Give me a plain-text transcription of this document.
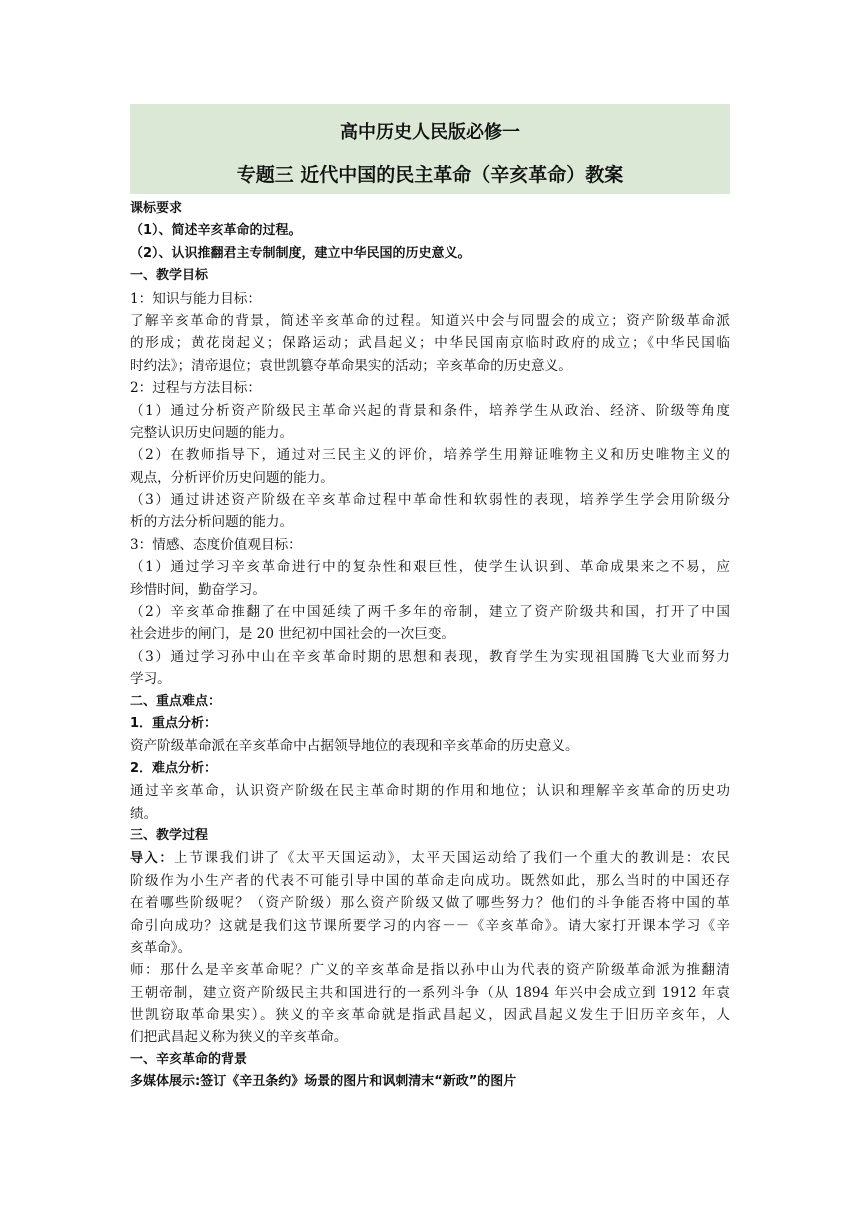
高中历史人民版必修一
专题三 近代中国的民主革命（辛亥革命）教案
课标要求
（1）、简述辛亥革命的过程。
（2）、认识推翻君主专制制度，建立中华民国的历史意义。
一、教学目标
1：知识与能力目标：
了解辛亥革命的背景，简述辛亥革命的过程。知道兴中会与同盟会的成立；资产阶级革命派
的形成；黄花岗起义；保路运动；武昌起义；中华民国南京临时政府的成立；《中华民国临
时约法》；清帝退位；袁世凯篡夺革命果实的活动；辛亥革命的历史意义。
2：过程与方法目标：
（1）通过分析资产阶级民主革命兴起的背景和条件，培养学生从政治、经济、阶级等角度
完整认识历史问题的能力。
（2）在教师指导下，通过对三民主义的评价，培养学生用辩证唯物主义和历史唯物主义的
观点，分析评价历史问题的能力。
（3）通过讲述资产阶级在辛亥革命过程中革命性和软弱性的表现，培养学生学会用阶级分
析的方法分析问题的能力。
3：情感、态度价值观目标：
（1）通过学习辛亥革命进行中的复杂性和艰巨性，使学生认识到、革命成果来之不易，应
珍惜时间，勤奋学习。
（2）辛亥革命推翻了在中国延续了两千多年的帝制，建立了资产阶级共和国，打开了中国
社会进步的闸门，是 20 世纪初中国社会的一次巨变。
（3）通过学习孙中山在辛亥革命时期的思想和表现，教育学生为实现祖国腾飞大业而努力
学习。
二、重点难点：
1．重点分析：
资产阶级革命派在辛亥革命中占据领导地位的表现和辛亥革命的历史意义。
2．难点分析：
通过辛亥革命，认识资产阶级在民主革命时期的作用和地位；认识和理解辛亥革命的历史功
绩。
三、教学过程
导入：上节课我们讲了《太平天国运动》，太平天国运动给了我们一个重大的教训是：农民
阶级作为小生产者的代表不可能引导中国的革命走向成功。既然如此，那么当时的中国还存
在着哪些阶级呢？（资产阶级）那么资产阶级又做了哪些努力？他们的斗争能否将中国的革
命引向成功？这就是我们这节课所要学习的内容－－《辛亥革命》。请大家打开课本学习《辛
亥革命》。
师：那什么是辛亥革命呢？广义的辛亥革命是指以孙中山为代表的资产阶级革命派为推翻清
王朝帝制，建立资产阶级民主共和国进行的一系列斗争（从 1894 年兴中会成立到 1912 年袁
世凯窃取革命果实）。狭义的辛亥革命就是指武昌起义，因武昌起义发生于旧历辛亥年，人
们把武昌起义称为狭义的辛亥革命。
一、辛亥革命的背景
多媒体展示:签订《辛丑条约》场景的图片和讽刺清末“新政”的图片
